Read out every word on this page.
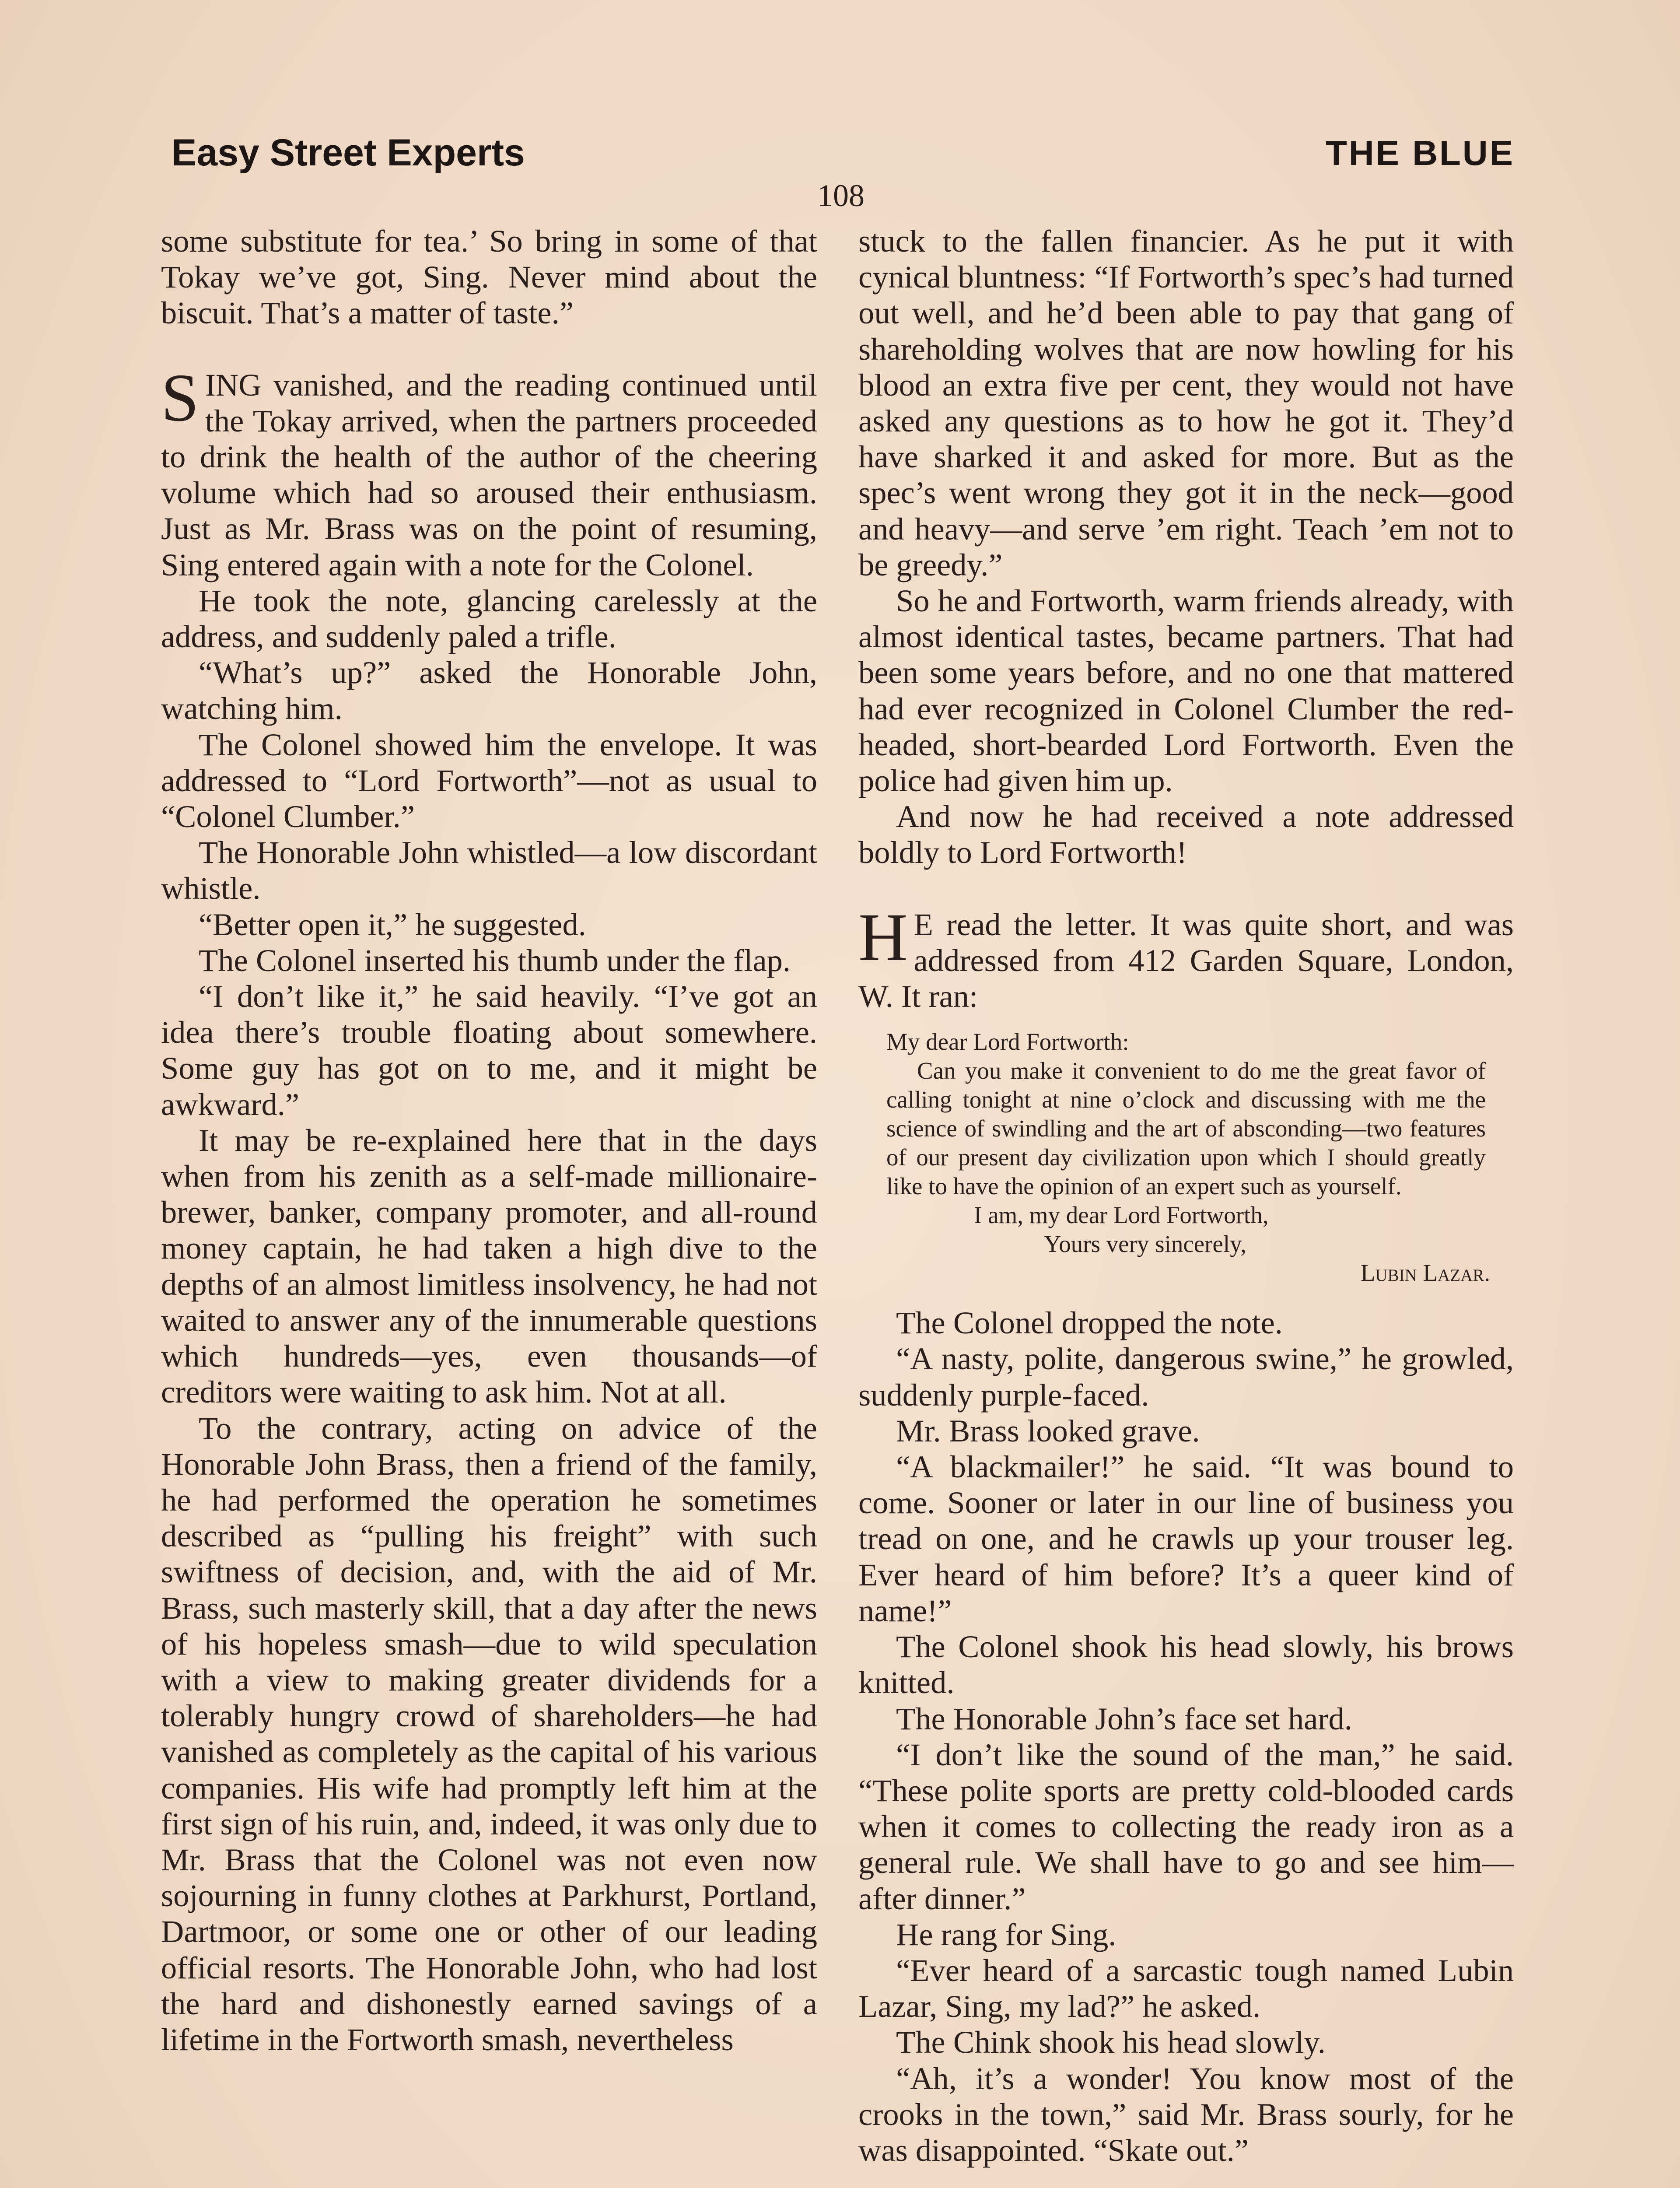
Easy Street Experts	THE BLUE
108

some substitute for tea.’ So bring in some of that Tokay we’ve got, Sing. Never mind about the biscuit. That’s a matter of taste.”

SING vanished, and the reading continued until the Tokay arrived, when the partners proceeded to drink the health of the author of the cheering volume which had so aroused their enthusiasm. Just as Mr. Brass was on the point of resuming, Sing entered again with a note for the Colonel.

He took the note, glancing carelessly at the address, and suddenly paled a trifle.

“What’s up?” asked the Honorable John, watching him.

The Colonel showed him the envelope. It was addressed to “Lord Fortworth”—not as usual to “Colonel Clumber.”

The Honorable John whistled—a low discordant whistle.

“Better open it,” he suggested.

The Colonel inserted his thumb under the flap.

“I don’t like it,” he said heavily. “I’ve got an idea there’s trouble floating about somewhere. Some guy has got on to me, and it might be awkward.”

It may be re-explained here that in the days when from his zenith as a self-made millionaire-brewer, banker, company promoter, and all-round money captain, he had taken a high dive to the depths of an almost limitless insolvency, he had not waited to answer any of the innumerable questions which hundreds—yes, even thousands—of creditors were waiting to ask him. Not at all.

To the contrary, acting on advice of the Honorable John Brass, then a friend of the family, he had performed the operation he sometimes described as “pulling his freight” with such swiftness of decision, and, with the aid of Mr. Brass, such masterly skill, that a day after the news of his hopeless smash—due to wild speculation with a view to making greater dividends for a tolerably hungry crowd of shareholders—he had vanished as completely as the capital of his various companies. His wife had promptly left him at the first sign of his ruin, and, indeed, it was only due to Mr. Brass that the Colonel was not even now sojourning in funny clothes at Parkhurst, Portland, Dartmoor, or some one or other of our leading official resorts. The Honorable John, who had lost the hard and dishonestly earned savings of a lifetime in the Fortworth smash, nevertheless

stuck to the fallen financier. As he put it with cynical bluntness: “If Fortworth’s spec’s had turned out well, and he’d been able to pay that gang of shareholding wolves that are now howling for his blood an extra five per cent, they would not have asked any questions as to how he got it. They’d have sharked it and asked for more. But as the spec’s went wrong they got it in the neck—good and heavy—and serve ’em right. Teach ’em not to be greedy.”

So he and Fortworth, warm friends already, with almost identical tastes, became partners. That had been some years before, and no one that mattered had ever recognized in Colonel Clumber the red-headed, short-bearded Lord Fortworth. Even the police had given him up.

And now he had received a note addressed boldly to Lord Fortworth!

H E read the letter. It was quite short, and was addressed from 412 Garden Square, London, W. It ran:

My dear Lord Fortworth:
Can you make it convenient to do me the great favor of calling tonight at nine o’clock and discussing with me the science of swindling and the art of absconding—two features of our present day civilization upon which I should greatly like to have the opinion of an expert such as yourself.
I am, my dear Lord Fortworth,
Yours very sincerely,
Lubin Lazar.

The Colonel dropped the note.

“A nasty, polite, dangerous swine,” he growled, suddenly purple-faced.

Mr. Brass looked grave.

“A blackmailer!” he said. “It was bound to come. Sooner or later in our line of business you tread on one, and he crawls up your trouser leg. Ever heard of him before? It’s a queer kind of name!”

The Colonel shook his head slowly, his brows knitted.

The Honorable John’s face set hard.

“I don’t like the sound of the man,” he said. “These polite sports are pretty cold-blooded cards when it comes to collecting the ready iron as a general rule. We shall have to go and see him—after dinner.”

He rang for Sing.

“Ever heard of a sarcastic tough named Lubin Lazar, Sing, my lad?” he asked.

The Chink shook his head slowly.

“Ah, it’s a wonder! You know most of the crooks in the town,” said Mr. Brass sourly, for he was disappointed. “Skate out.”
